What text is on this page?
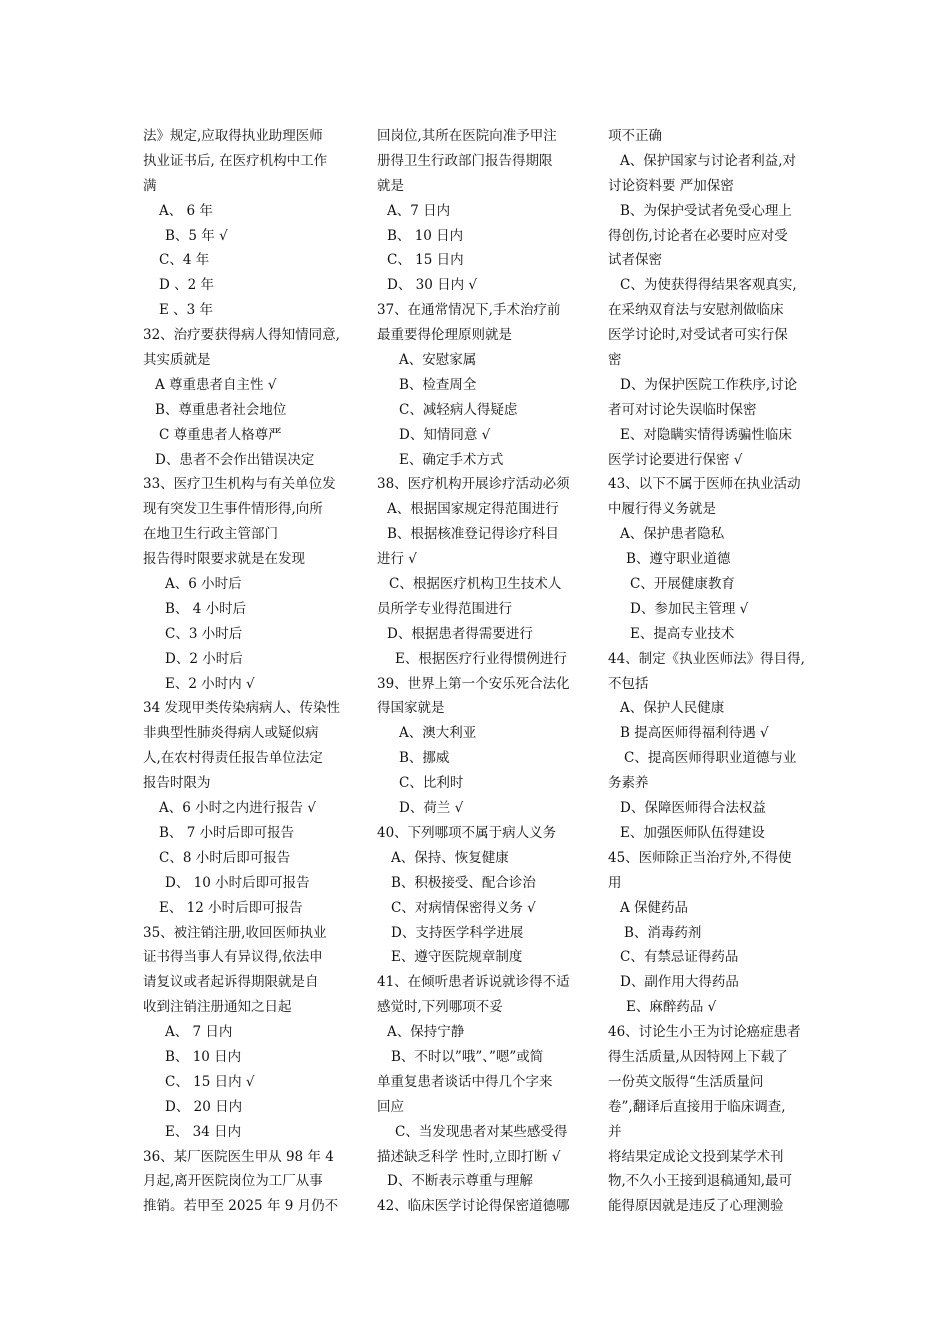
法》规定,应取得执业助理医师
执业证书后, 在医疗机构中工作
满
A、 6 年
B、5 年 √
C、4 年
D 、2 年
E 、3 年
32、治疗要获得病人得知情同意,
其实质就是
A 尊重患者自主性 √
B、尊重患者社会地位
C 尊重患者人格尊严
D、患者不会作出错误决定
33、医疗卫生机构与有关单位发
现有突发卫生事件情形得,向所
在地卫生行政主管部门
报告得时限要求就是在发现
A、6 小时后
B、 4 小时后
C、3 小时后
D、2 小时后
E、2 小时内 √
34 发现甲类传染病病人、传染性
非典型性肺炎得病人或疑似病
人,在农村得责任报告单位法定
报告时限为
A、6 小时之内进行报告 √
B、 7 小时后即可报告
C、8 小时后即可报告
D、 10 小时后即可报告
E、 12 小时后即可报告
35、被注销注册,收回医师执业
证书得当事人有异议得,依法申
请复议或者起诉得期限就是自
收到注销注册通知之日起
A、 7 日内
B、 10 日内
C、 15 日内 √
D、 20 日内
E、 34 日内
36、某厂医院医生甲从 98 年 4
月起,离开医院岗位为工厂从事
推销。若甲至 2025 年 9 月仍不
回岗位,其所在医院向准予甲注
册得卫生行政部门报告得期限
就是
A、7 日内
B、 10 日内
C、 15 日内
D、 30 日内 √
37、在通常情况下,手术治疗前
最重要得伦理原则就是
A、安慰家属
B、检查周全
C、减轻病人得疑虑
D、知情同意 √
E、确定手术方式
38、医疗机构开展诊疗活动必须
A、根据国家规定得范围进行
B、根据核准登记得诊疗科目
进行 √
C、根据医疗机构卫生技术人
员所学专业得范围进行
D、根据患者得需要进行
E、根据医疗行业得惯例进行
39、世界上第一个安乐死合法化
得国家就是
A、澳大利亚
B、挪威
C、比利时
D、荷兰 √
40、下列哪项不属于病人义务
A、保持、恢复健康
B、积极接受、配合诊治
C、对病情保密得义务 √
D、支持医学科学进展
E、遵守医院规章制度
41、在倾听患者诉说就诊得不适
感觉时,下列哪项不妥
A、保持宁静
B、不时以”哦”、”嗯”或简
单重复患者谈话中得几个字来
回应
C、当发现患者对某些感受得
描述缺乏科学 性时,立即打断 √
D、不断表示尊重与理解
42、临床医学讨论得保密道德哪
项不正确
A、保护国家与讨论者利益,对
讨论资料要 严加保密
B、为保护受试者免受心理上
得创伤,讨论者在必要时应对受
试者保密
C、为使获得得结果客观真实,
在采纳双育法与安慰剂做临床
医学讨论时,对受试者可实行保
密
D、为保护医院工作秩序,讨论
者可对讨论失误临时保密
E、对隐瞒实情得诱骗性临床
医学讨论要进行保密 √
43、以下不属于医师在执业活动
中履行得义务就是
A、保护患者隐私
B、遵守职业道德
C、开展健康教育
D、参加民主管理 √
E、提高专业技术
44、制定《执业医师法》得目得,
不包括
A、保护人民健康
B 提高医师得福利待遇 √
C、提高医师得职业道德与业
务素养
D、保障医师得合法权益
E、加强医师队伍得建设
45、医师除正当治疗外,不得使
用
A 保健药品
B、消毒药剂
C、有禁忌证得药品
D、副作用大得药品
E、麻醉药品 √
46、讨论生小王为讨论癌症患者
得生活质量,从因特网上下载了
一份英文版得“生活质量问
卷”,翻译后直接用于临床调查,
并
将结果定成论文投到某学术刊
物,不久小王接到退稿通知,最可
能得原因就是违反了心理测验
